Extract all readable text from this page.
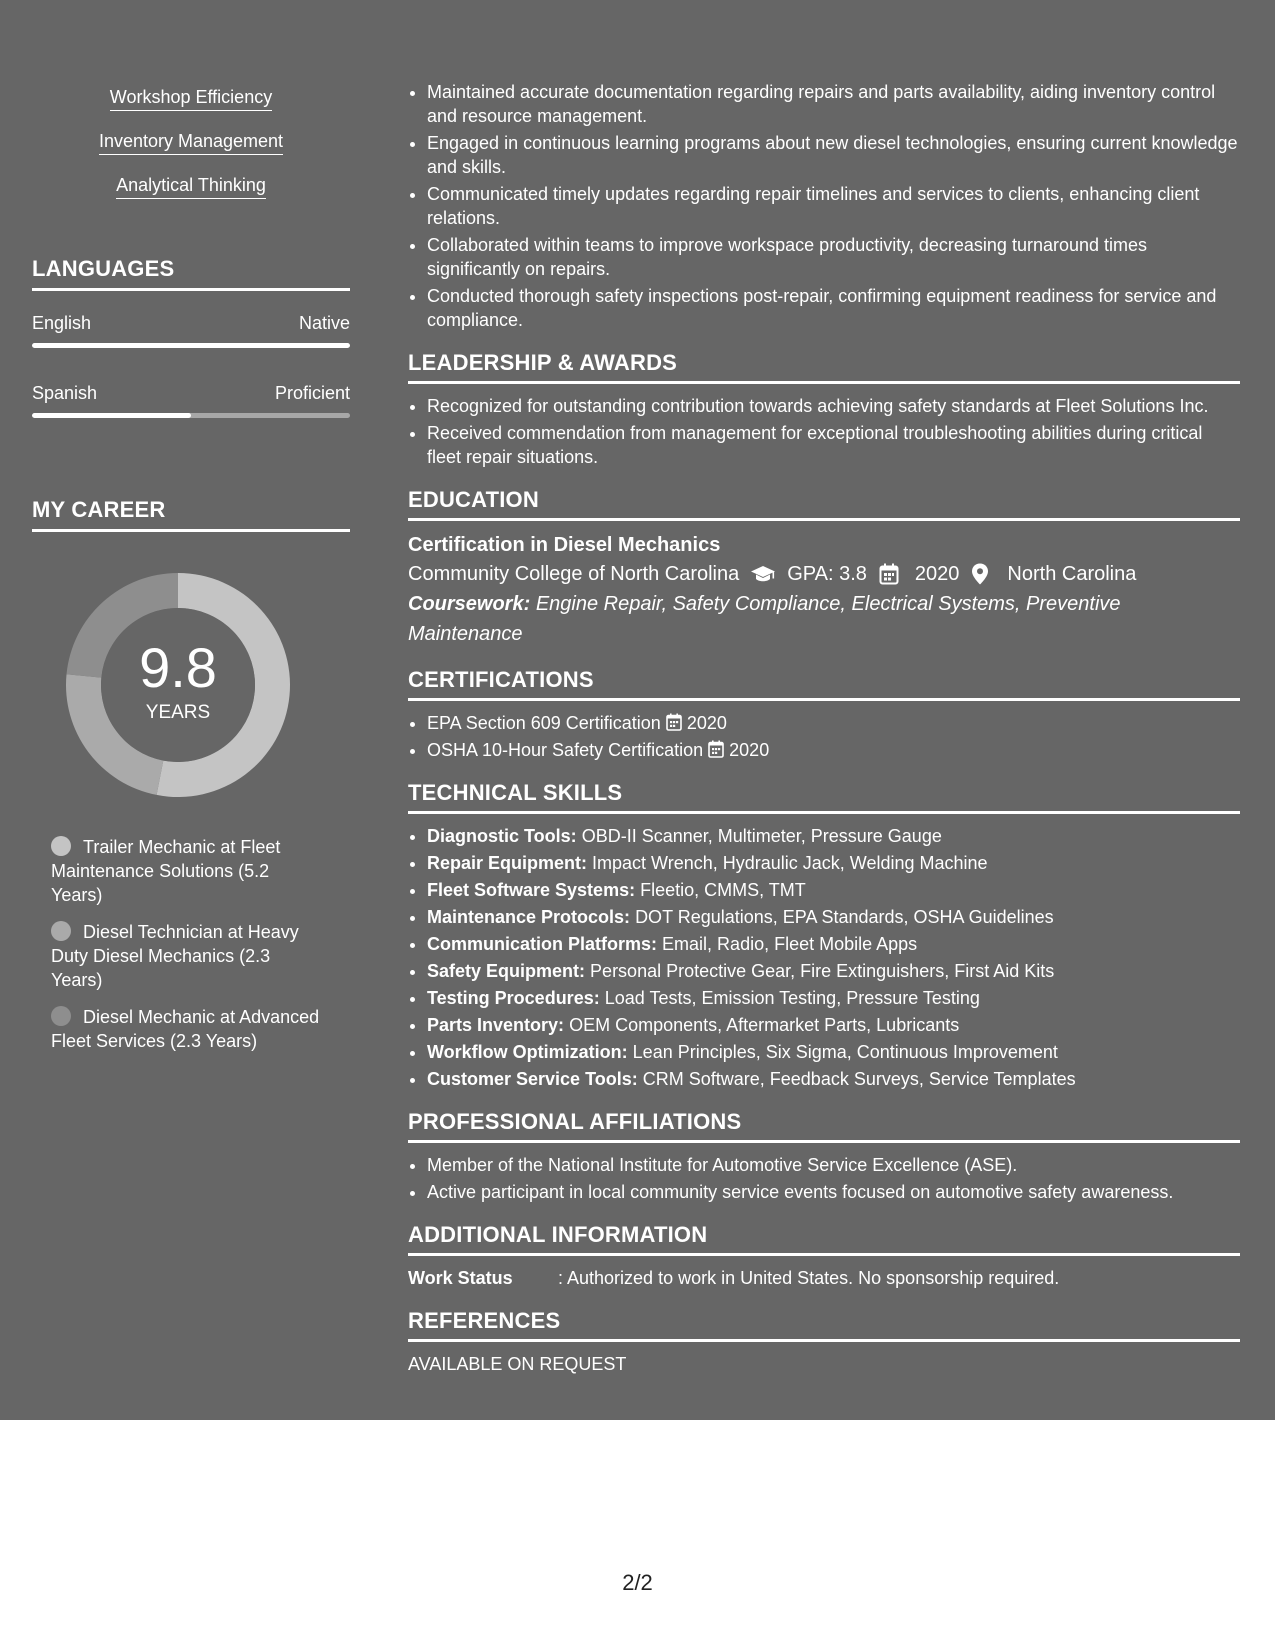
Workshop Efficiency
Inventory Management
Analytical Thinking
LANGUAGES
English	Native
Spanish	Proficient
MY CAREER
9.8
YEARS
Trailer Mechanic at Fleet Maintenance Solutions (5.2 Years)
Diesel Technician at Heavy Duty Diesel Mechanics (2.3 Years)
Diesel Mechanic at Advanced Fleet Services (2.3 Years)
• Maintained accurate documentation regarding repairs and parts availability, aiding inventory control and resource management.
• Engaged in continuous learning programs about new diesel technologies, ensuring current knowledge and skills.
• Communicated timely updates regarding repair timelines and services to clients, enhancing client relations.
• Collaborated within teams to improve workspace productivity, decreasing turnaround times significantly on repairs.
• Conducted thorough safety inspections post-repair, confirming equipment readiness for service and compliance.
LEADERSHIP & AWARDS
• Recognized for outstanding contribution towards achieving safety standards at Fleet Solutions Inc.
• Received commendation from management for exceptional troubleshooting abilities during critical fleet repair situations.
EDUCATION
Certification in Diesel Mechanics
Community College of North Carolina GPA: 3.8 2020 North Carolina
Coursework: Engine Repair, Safety Compliance, Electrical Systems, Preventive Maintenance
CERTIFICATIONS
• EPA Section 609 Certification 2020
• OSHA 10-Hour Safety Certification 2020
TECHNICAL SKILLS
• Diagnostic Tools: OBD-II Scanner, Multimeter, Pressure Gauge
• Repair Equipment: Impact Wrench, Hydraulic Jack, Welding Machine
• Fleet Software Systems: Fleetio, CMMS, TMT
• Maintenance Protocols: DOT Regulations, EPA Standards, OSHA Guidelines
• Communication Platforms: Email, Radio, Fleet Mobile Apps
• Safety Equipment: Personal Protective Gear, Fire Extinguishers, First Aid Kits
• Testing Procedures: Load Tests, Emission Testing, Pressure Testing
• Parts Inventory: OEM Components, Aftermarket Parts, Lubricants
• Workflow Optimization: Lean Principles, Six Sigma, Continuous Improvement
• Customer Service Tools: CRM Software, Feedback Surveys, Service Templates
PROFESSIONAL AFFILIATIONS
• Member of the National Institute for Automotive Service Excellence (ASE).
• Active participant in local community service events focused on automotive safety awareness.
ADDITIONAL INFORMATION
Work Status	: Authorized to work in United States. No sponsorship required.
REFERENCES
AVAILABLE ON REQUEST
2/2
